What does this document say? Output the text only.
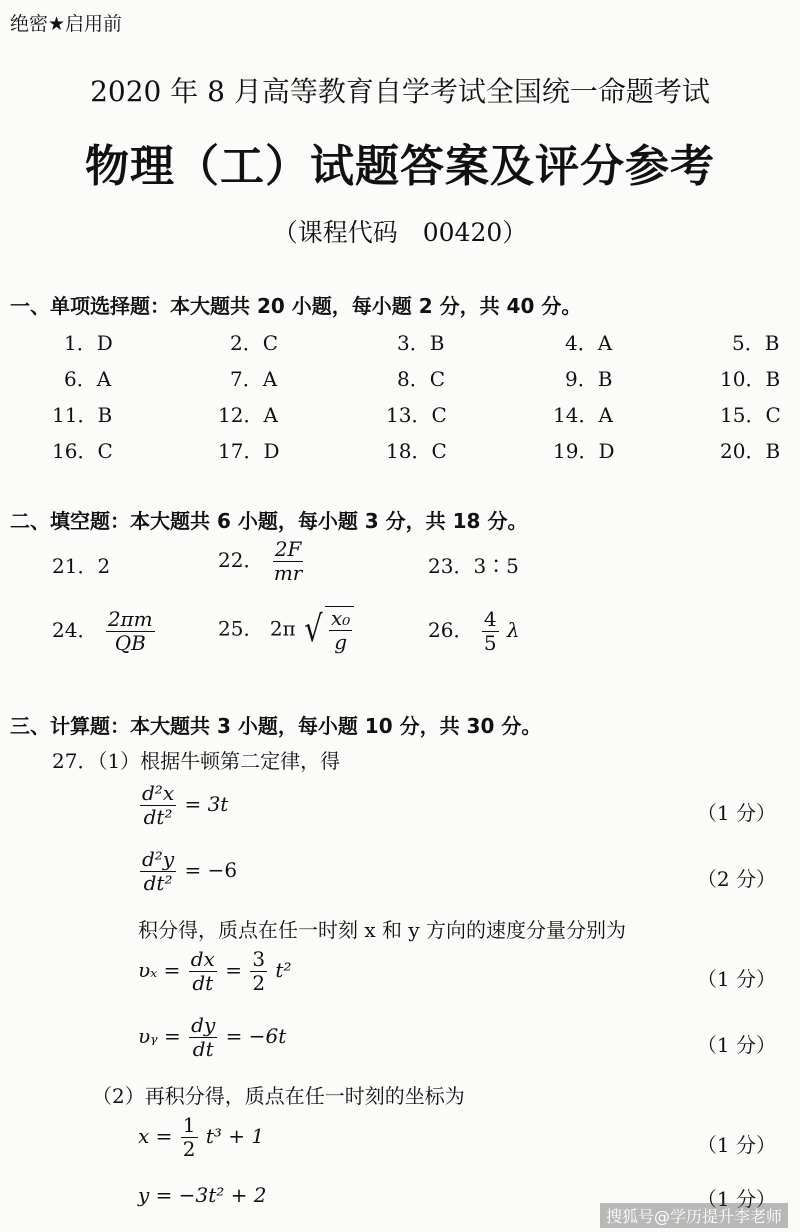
绝密★启用前
2020 年 8 月高等教育自学考试全国统一命题考试
物理（工）试题答案及评分参考
（课程代码　00420）
一、单项选择题：本大题共 20 小题，每小题 2 分，共 40 分。
1．D	2．C	3．B	4．A	5．B
6．A	7．A	8．C	9．B	10．B
11．B	12．A	13．C	14．A	15．C
16．C	17．D	18．C	19．D	20．B
二、填空题：本大题共 6 小题，每小题 3 分，共 18 分。
21．2	22． $\frac{2F}{mr}$	23．3∶5
24． $\frac{2\pi m}{QB}$	25． 2π √ $\frac{\text{x₀}}{g}$	26． $\frac{4}{5}$ λ
三、计算题：本大题共 3 小题，每小题 10 分，共 30 分。
27．（1）根据牛顿第二定律，得
$\frac{\text{d²x}}{\text{dt²}} = 3t$	（1 分）
$\frac{\text{d²y}}{\text{dt²}} = -6$	（2 分）
积分得，质点在任一时刻 x 和 y 方向的速度分量分别为
$\upsilon_x = \frac{dx}{dt} = \frac{3}{2} t^2$	（1 分）
υᵧ = $\frac{dy}{dt} = -6t$	（1 分）
（2）再积分得，质点在任一时刻的坐标为
$x = \frac{1}{2} t^3 + 1$	（1 分）
y = −3t² + 2	（1 分）
搜狐号@学历提升李老师
